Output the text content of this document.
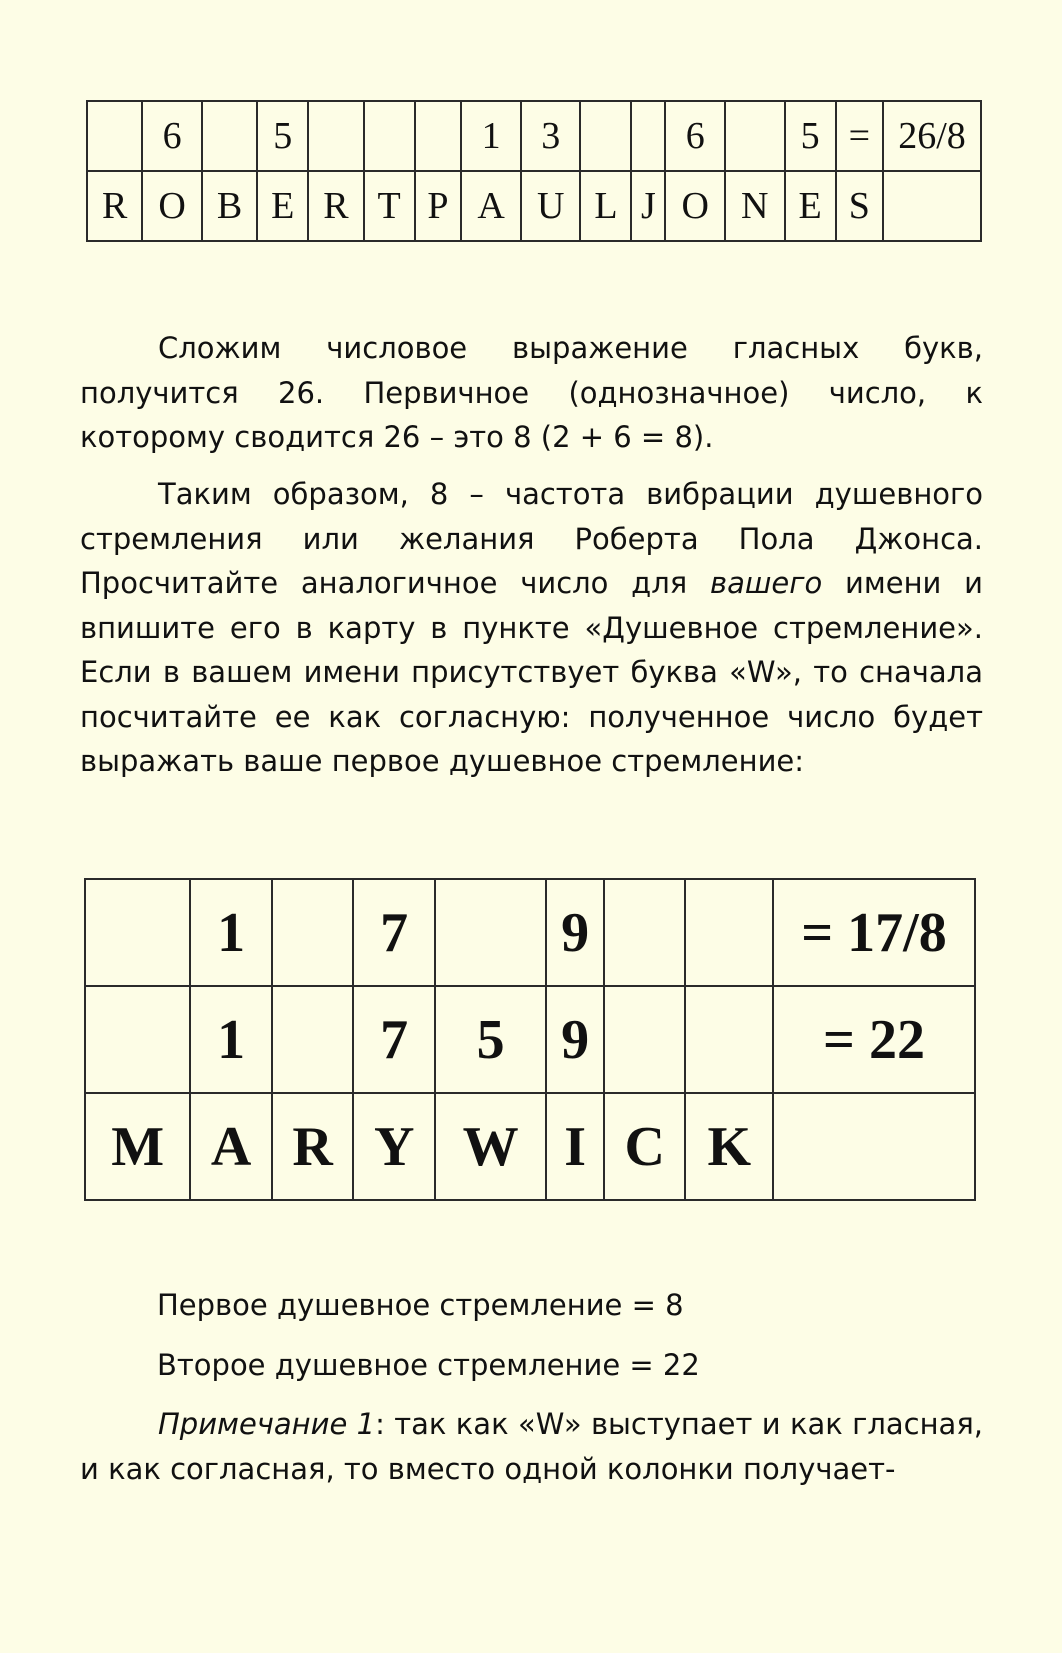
	6		5				1	3			6		5	=	26/8
R	O	B	E	R	T	P	A	U	L	J	O	N	E	S	

Сложим числовое выражение гласных букв, получится 26. Первичное (однозначное) число, к которому сводится 26 – это 8 (2 + 6 = 8).

Таким образом, 8 – частота вибрации душевного стремления или желания Роберта Пола Джонса. Просчитайте аналогичное число для вашего имени и впишите его в карту в пункте «Душевное стремление». Если в вашем имени присутствует буква «W», то сначала посчитайте ее как согласную: полученное число будет выражать ваше первое душевное стремление:

	1		7		9			= 17/8
	1		7	5	9			= 22
M	A	R	Y	W	I	C	K	

Первое душевное стремление = 8

Второе душевное стремление = 22

Примечание 1: так как «W» выступает и как гласная, и как согласная, то вместо одной колонки получает-
